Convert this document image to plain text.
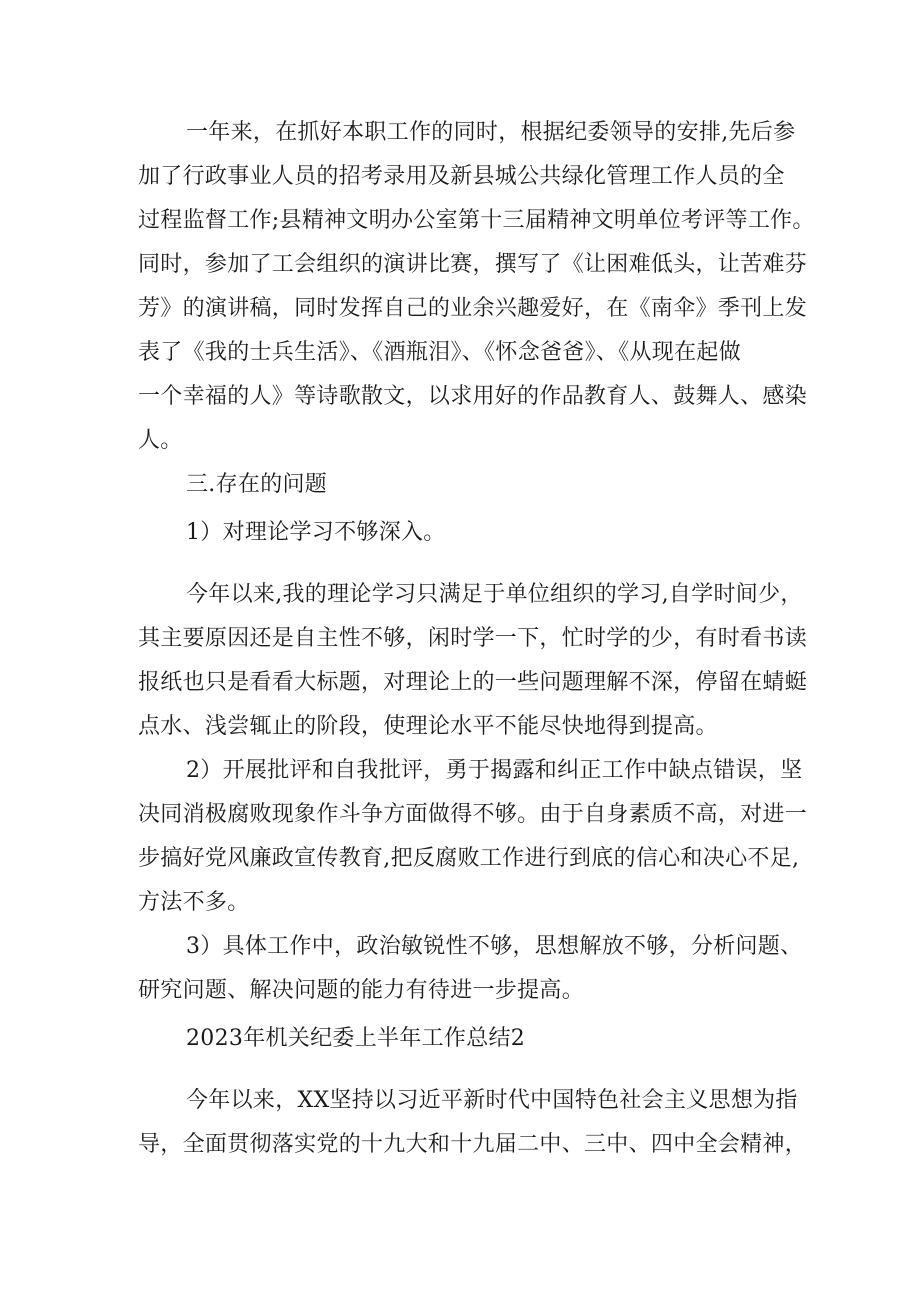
一年来，在抓好本职工作的同时，根据纪委领导的安排,先后参
加了行政事业人员的招考录用及新县城公共绿化管理工作人员的全
过程监督工作;县精神文明办公室第十三届精神文明单位考评等工作。
同时，参加了工会组织的演讲比赛，撰写了《让困难低头，让苦难芬
芳》的演讲稿，同时发挥自己的业余兴趣爱好，在《南伞》季刊上发
表了《我的士兵生活》、《酒瓶泪》、《怀念爸爸》、《从现在起做
一个幸福的人》等诗歌散文，以求用好的作品教育人、鼓舞人、感染
人。
三.存在的问题
1）对理论学习不够深入。
今年以来,我的理论学习只满足于单位组织的学习,自学时间少，
其主要原因还是自主性不够，闲时学一下，忙时学的少，有时看书读
报纸也只是看看大标题，对理论上的一些问题理解不深，停留在蜻蜓
点水、浅尝辄止的阶段，使理论水平不能尽快地得到提高。
2）开展批评和自我批评，勇于揭露和纠正工作中缺点错误，坚
决同消极腐败现象作斗争方面做得不够。由于自身素质不高，对进一
步搞好党风廉政宣传教育,把反腐败工作进行到底的信心和决心不足,
方法不多。
3）具体工作中，政治敏锐性不够，思想解放不够，分析问题、
研究问题、解决问题的能力有待进一步提高。
2023年机关纪委上半年工作总结2
今年以来，XX坚持以习近平新时代中国特色社会主义思想为指
导，全面贯彻落实党的十九大和十九届二中、三中、四中全会精神，
